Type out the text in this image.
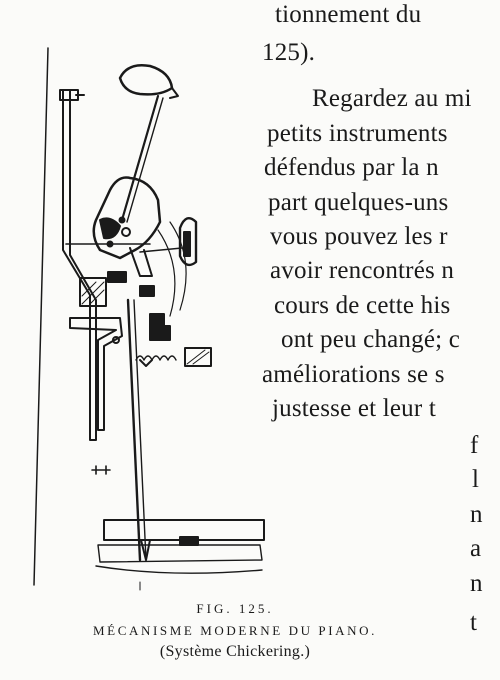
tionnement du
125).
Regardez au mi
petits instruments
défendus par la n
part quelques-uns
vous pouvez les r
avoir rencontrés n
cours de cette his
ont peu changé; c
améliorations se s
justesse et leur t
f
l
n
a
n
t
FIG. 125.
MÉCANISME MODERNE DU PIANO.
(Système Chickering.)
